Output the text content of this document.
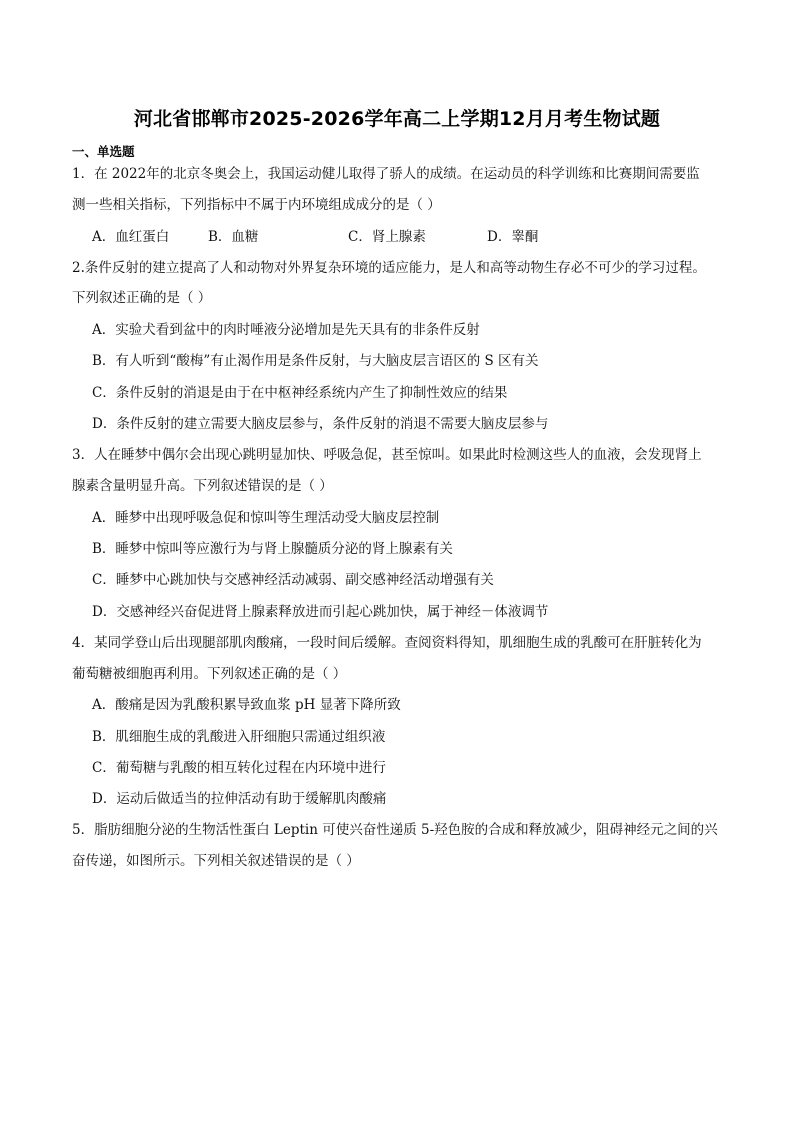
河北省邯郸市2025-2026学年高二上学期12月月考生物试题
一、单选题
1．在 2022年的北京冬奥会上，我国运动健儿取得了骄人的成绩。在运动员的科学训练和比赛期间需要监
测一些相关指标，下列指标中不属于内环境组成成分的是（ ）
A．血红蛋白	B．血糖	C．肾上腺素	D．睾酮
2.条件反射的建立提高了人和动物对外界复杂环境的适应能力，是人和高等动物生存必不可少的学习过程。
下列叙述正确的是（ ）
A．实验犬看到盆中的肉时唾液分泌增加是先天具有的非条件反射
B．有人听到“酸梅”有止渴作用是条件反射，与大脑皮层言语区的 S 区有关
C．条件反射的消退是由于在中枢神经系统内产生了抑制性效应的结果
D．条件反射的建立需要大脑皮层参与，条件反射的消退不需要大脑皮层参与
3．人在睡梦中偶尔会出现心跳明显加快、呼吸急促，甚至惊叫。如果此时检测这些人的血液，会发现肾上
腺素含量明显升高。下列叙述错误的是（ ）
A．睡梦中出现呼吸急促和惊叫等生理活动受大脑皮层控制
B．睡梦中惊叫等应激行为与肾上腺髓质分泌的肾上腺素有关
C．睡梦中心跳加快与交感神经活动减弱、副交感神经活动增强有关
D．交感神经兴奋促进肾上腺素释放进而引起心跳加快，属于神经－体液调节
4．某同学登山后出现腿部肌肉酸痛，一段时间后缓解。查阅资料得知，肌细胞生成的乳酸可在肝脏转化为
葡萄糖被细胞再利用。下列叙述正确的是（ ）
A．酸痛是因为乳酸积累导致血浆 pH 显著下降所致
B．肌细胞生成的乳酸进入肝细胞只需通过组织液
C．葡萄糖与乳酸的相互转化过程在内环境中进行
D．运动后做适当的拉伸活动有助于缓解肌肉酸痛
5．脂肪细胞分泌的生物活性蛋白 Leptin 可使兴奋性递质 5-羟色胺的合成和释放减少，阻碍神经元之间的兴
奋传递，如图所示。下列相关叙述错误的是（ ）
